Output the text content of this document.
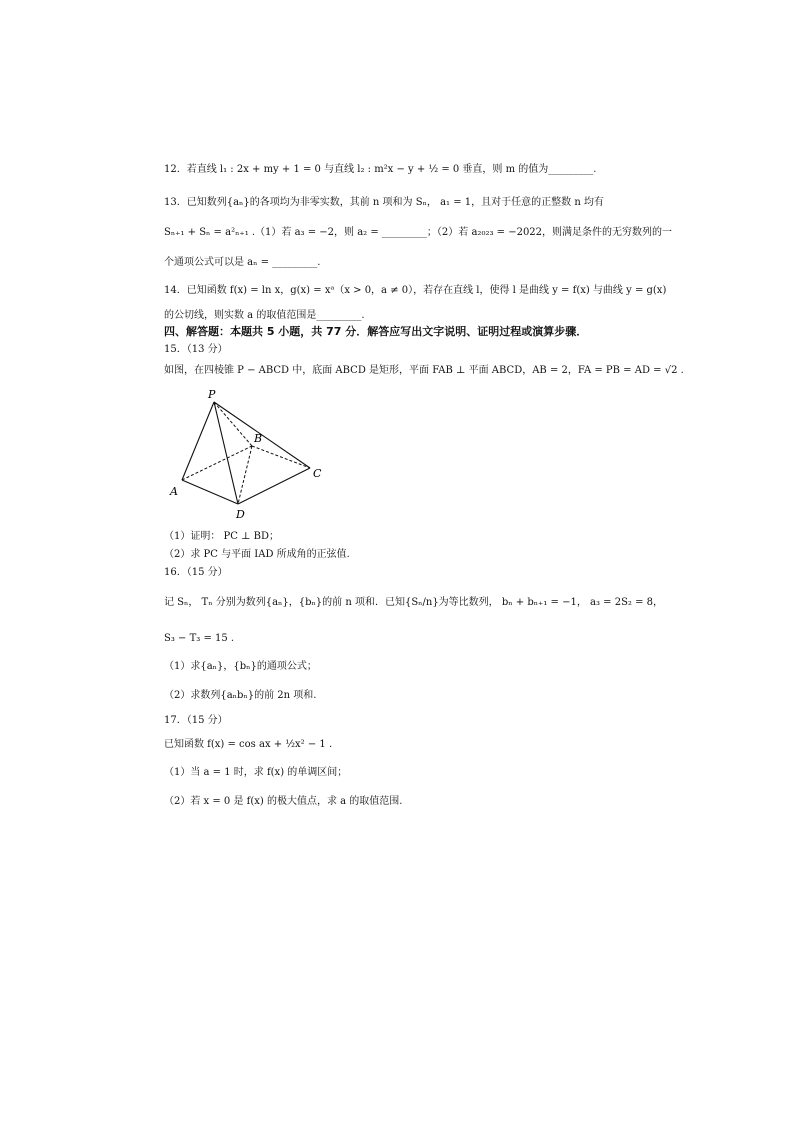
12．若直线 l₁ : 2x + my + 1 = 0 与直线 l₂ : m²x − y + ½ = 0 垂直，则 m 的值为_________.
13．已知数列{aₙ}的各项均为非零实数，其前 n 项和为 Sₙ， a₁ = 1，且对于任意的正整数 n 均有
Sₙ₊₁ + Sₙ = a²ₙ₊₁ .（1）若 a₃ = −2，则 a₂ = _________；（2）若 a₂₀₂₃ = −2022，则满足条件的无穷数列的一
个通项公式可以是 aₙ = _________.
14．已知函数 f(x) = ln x，g(x) = xᵃ（x > 0，a ≠ 0），若存在直线 l，使得 l 是曲线 y = f(x) 与曲线 y = g(x)
的公切线，则实数 a 的取值范围是_________.
四、解答题：本题共 5 小题，共 77 分．解答应写出文字说明、证明过程或演算步骤．
15．（13 分）
如图，在四棱锥 P − ABCD 中，底面 ABCD 是矩形，平面 FAB ⊥ 平面 ABCD，AB = 2，FA = PB = AD = √2 .
P
B
C
A
D
（1）证明： PC ⊥ BD；
（2）求 PC 与平面 IAD 所成角的正弦值.
16．（15 分）
记 Sₙ， Tₙ 分别为数列{aₙ}，{bₙ}的前 n 项和．已知{Sₙ/n}为等比数列， bₙ + bₙ₊₁ = −1， a₃ = 2S₂ = 8，
S₃ − T₃ = 15 .
（1）求{aₙ}，{bₙ}的通项公式；
（2）求数列{aₙbₙ}的前 2n 项和.
17．（15 分）
已知函数 f(x) = cos ax + ½x² − 1 .
（1）当 a = 1 时，求 f(x) 的单调区间；
（2）若 x = 0 是 f(x) 的极大值点，求 a 的取值范围.
